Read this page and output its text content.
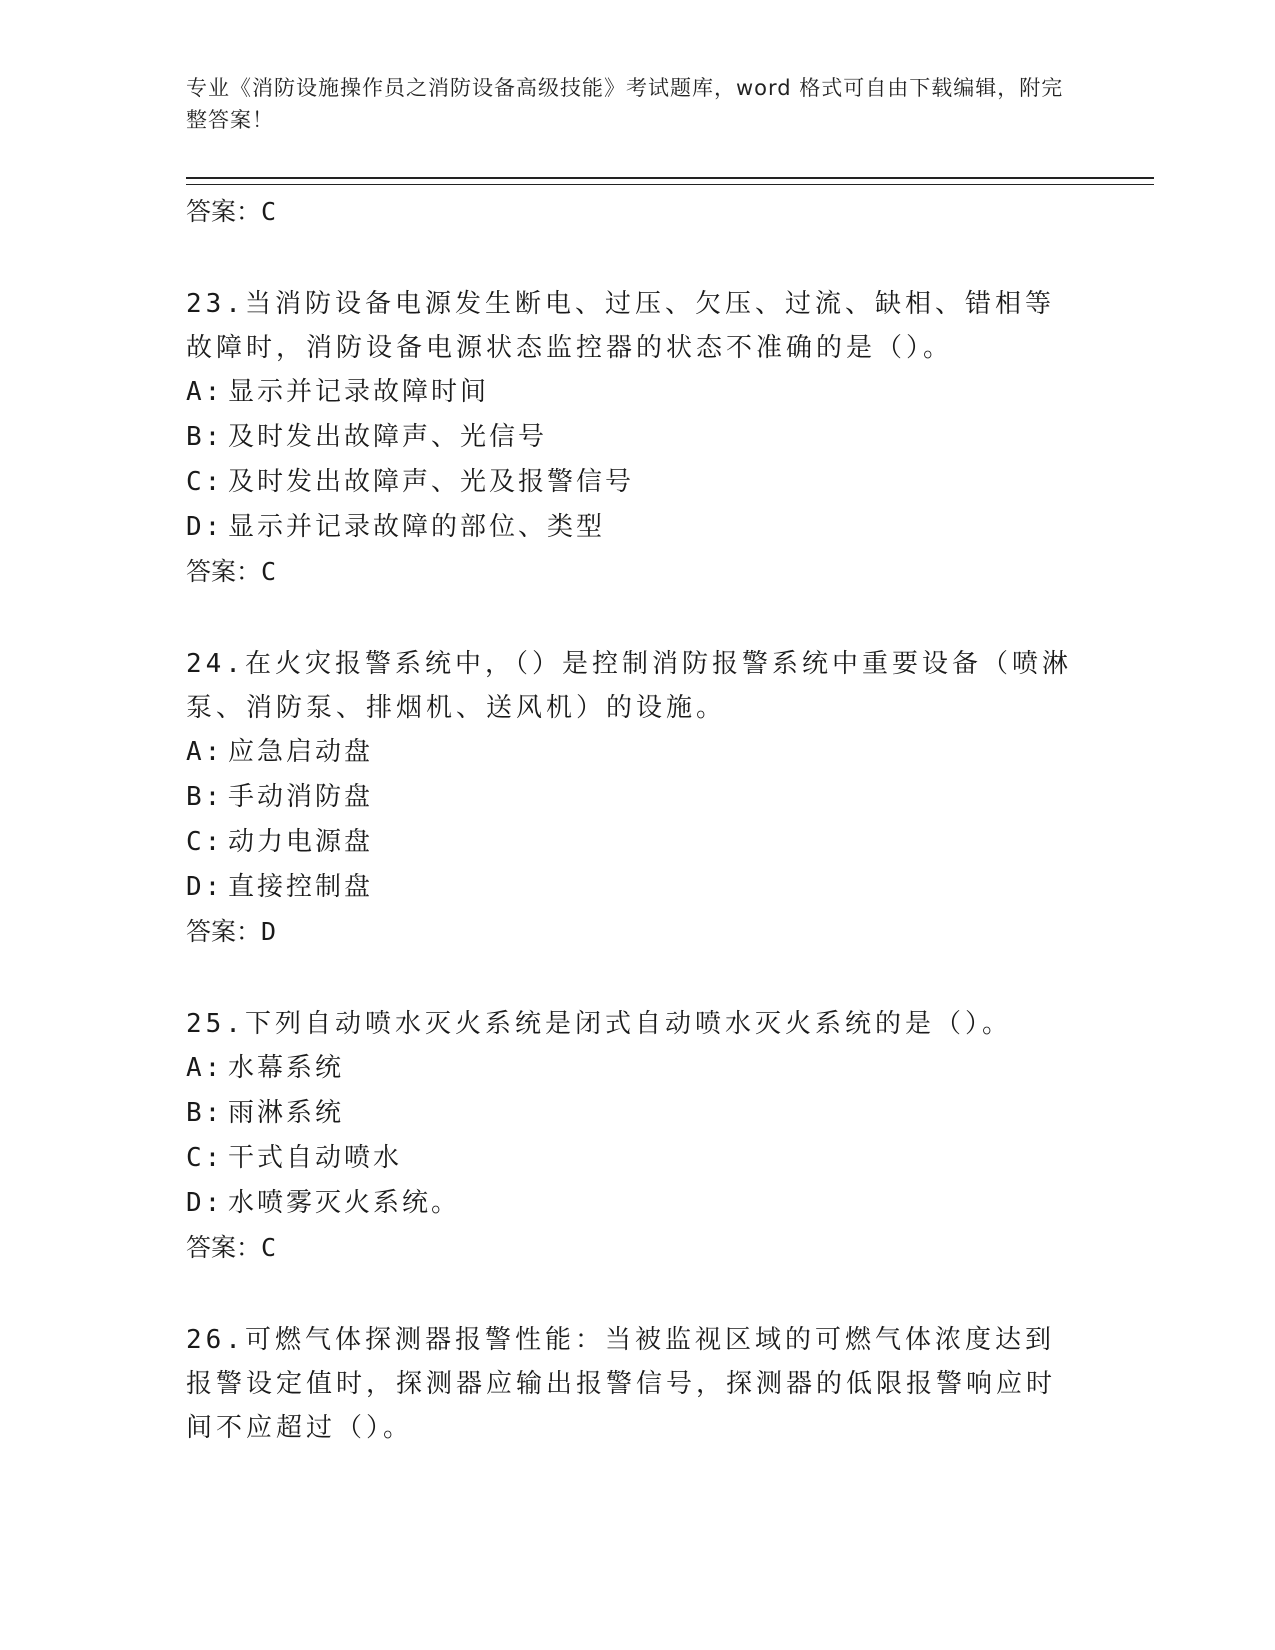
专业《消防设施操作员之消防设备高级技能》考试题库，word 格式可自由下载编辑，附完整答案！
答案：C
23.当消防设备电源发生断电、过压、欠压、过流、缺相、错相等故障时，消防设备电源状态监控器的状态不准确的是（）。
A: 显示并记录故障时间
B: 及时发出故障声、光信号
C: 及时发出故障声、光及报警信号
D: 显示并记录故障的部位、类型
答案：C
24.在火灾报警系统中，（）是控制消防报警系统中重要设备（喷淋泵、消防泵、排烟机、送风机）的设施。
A: 应急启动盘
B: 手动消防盘
C: 动力电源盘
D: 直接控制盘
答案：D
25.下列自动喷水灭火系统是闭式自动喷水灭火系统的是（）。
A: 水幕系统
B: 雨淋系统
C: 干式自动喷水
D: 水喷雾灭火系统。
答案：C
26.可燃气体探测器报警性能：当被监视区域的可燃气体浓度达到报警设定值时，探测器应输出报警信号，探测器的低限报警响应时间不应超过（）。
